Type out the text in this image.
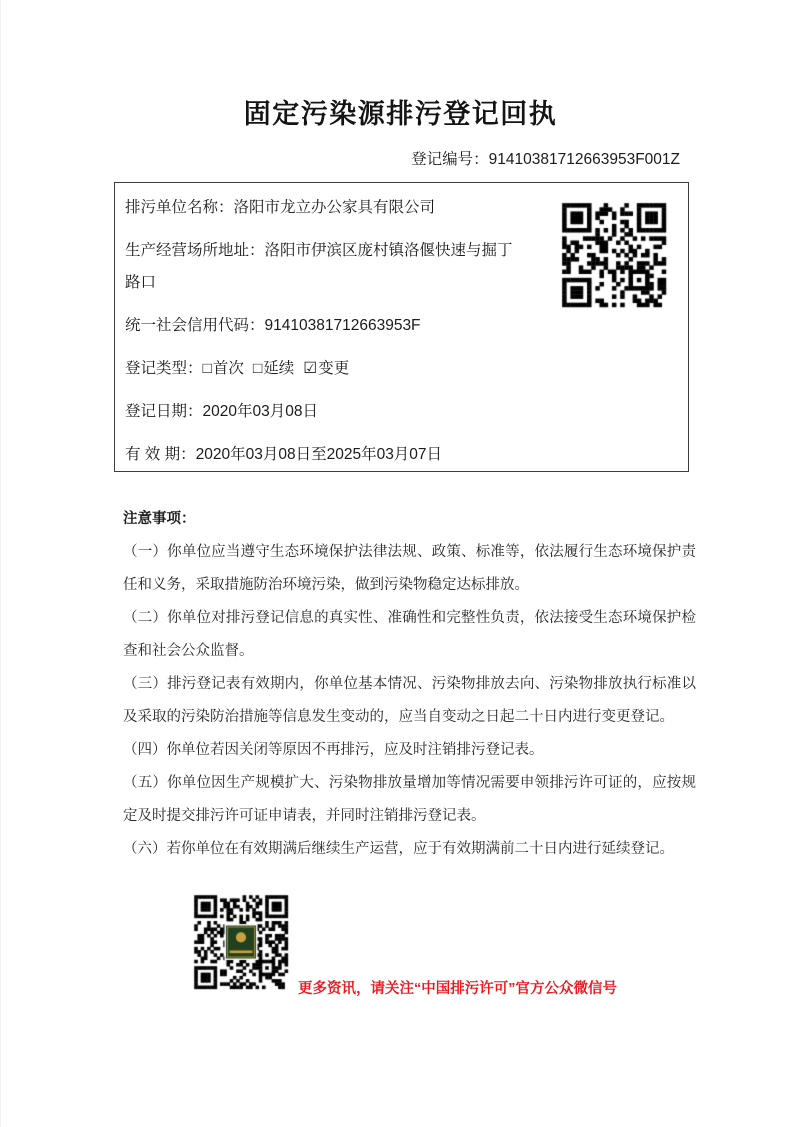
固定污染源排污登记回执
登记编号：91410381712663953F001Z
排污单位名称：洛阳市龙立办公家具有限公司
生产经营场所地址：洛阳市伊滨区庞村镇洛偃快速与掘丁路口
统一社会信用代码：91410381712663953F
登记类型：□首次 □延续 ☑变更
登记日期：2020年03月08日
有 效 期：2020年03月08日至2025年03月07日
注意事项：

（一）你单位应当遵守生态环境保护法律法规、政策、标准等，依法履行生态环境保护责任和义务，采取措施防治环境污染，做到污染物稳定达标排放。

（二）你单位对排污登记信息的真实性、准确性和完整性负责，依法接受生态环境保护检查和社会公众监督。

（三）排污登记表有效期内，你单位基本情况、污染物排放去向、污染物排放执行标准以及采取的污染防治措施等信息发生变动的，应当自变动之日起二十日内进行变更登记。

（四）你单位若因关闭等原因不再排污，应及时注销排污登记表。

（五）你单位因生产规模扩大、污染物排放量增加等情况需要申领排污许可证的，应按规定及时提交排污许可证申请表，并同时注销排污登记表。

（六）若你单位在有效期满后继续生产运营，应于有效期满前二十日内进行延续登记。

更多资讯，请关注“中国排污许可”官方公众微信号
